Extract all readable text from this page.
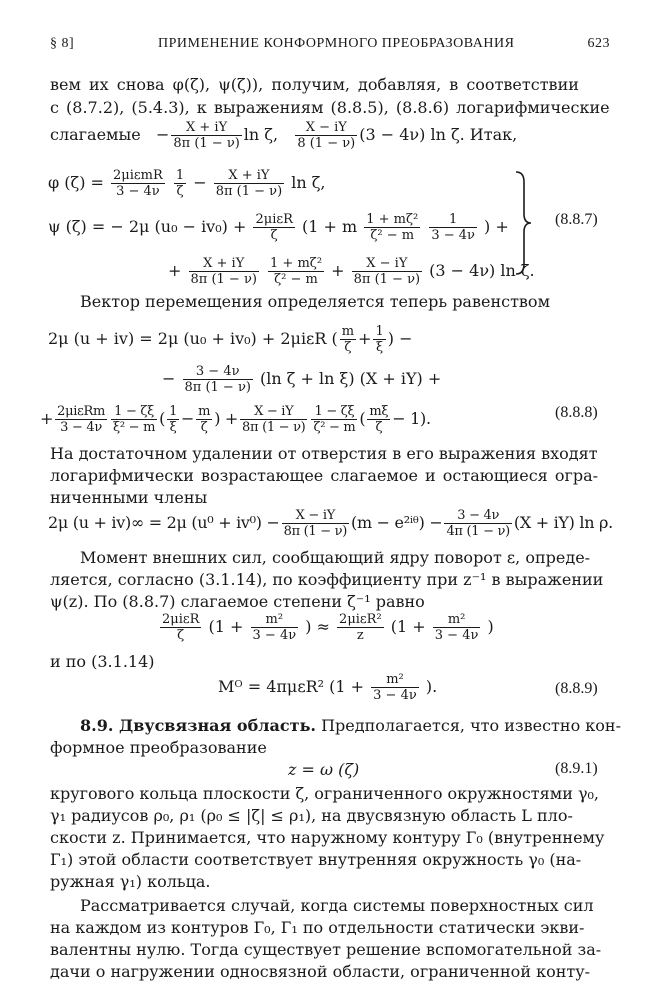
§ 8]	ПРИМЕНЕНИЕ КОНФОРМНОГО ПРЕОБРАЗОВАНИЯ	623
вем их снова φ(ζ), ψ(ζ)), получим, добавляя, в соответствии
с (8.7.2), (5.4.3), к выражениям (8.8.5), (8.8.6) логарифмические
слагаемые   − $\frac{X + iY}{8\pi (1 - \nu)}$ ln ζ, $\frac{X - iY}{8 (1 - \nu)} (3 - 4\nu)$ ln ζ. Итак,
φ $(\zeta) = \frac{\text{2μiεmR}}{3 - 4\nu}$
$\frac{1}{\zeta} - \frac{X + iY}{8\pi (1 - \nu)}$ ln ζ,
ψ (ζ) = − 2μ $(u_0 - iv_0) + \frac{\text{2μiεR}}{\zeta} (1 + m \frac{\text{1 + mζ²}}{\text{ζ² − m}}$
$\frac{1}{3 - 4\nu}$ ) +
+ $\frac{X + iY}{8\pi (1 - \nu)}$
$\frac{\text{1 + mζ²}}{\text{ζ² − m}} + \frac{X - iY}{8\pi (1 - \nu)} (3 - 4\nu)$ ln ζ.
(8.8.7)
Вектор перемещения определяется теперь равенством
2μ (u + iv) = 2μ (u₀ + iv₀) + 2μiεR ( $\frac{m}{\zeta} + \frac{1}{\xi}$ ) −
− $\frac{3 - 4\nu}{8\pi (1 - \nu)} (\ln$ ζ + ln ξ) (X + iY) +
+ $\frac{\text{2μiεRm}}{3 - 4\nu} \frac{1 - \zeta\xi}{\text{ξ² − m}}$ ( $\frac{1}{\xi} - \frac{m}{\zeta}$ ) + $\frac{X - iY}{8\pi (1 - \nu)} \frac{1 - \zeta\xi}{\text{ζ² − m}}$ ( $\frac{m\xi}{\zeta} - 1$).	(8.8.8)
На достаточном удалении от отверстия в его выражения входят
логарифмически возрастающее слагаемое и остающиеся огра-
ниченными члены
2μ (u + iv)∞ = 2μ $(u^0 + iv^0) - \frac{X - iY}{8\pi (1 - \nu)} (m$ − e²ⁱᶿ) − $\frac{3 - 4\nu}{4\pi (1 - \nu)} (X + iY)$ ln ρ.
Момент внешних сил, сообщающий ядру поворот ε, опреде-
ляется, согласно (3.1.14), по коэффициенту при z⁻¹ в выражении
ψ(z). По (8.8.7) слагаемое степени ζ⁻¹ равно
$\frac{\text{2μiεR}}{\zeta} (1 + \frac{\text{m²}}{3 - 4\nu}$ ) ≈ $\frac{\text{2μiεR²}}{z} (1 + \frac{\text{m²}}{3 - 4\nu}$ )
и по (3.1.14)
Mᴼ = 4πμεR² ($1 + \frac{\text{m²}}{3 - 4\nu}$ ).	(8.8.9)
8.9. Двусвязная область. Предполагается, что известно кон-
формное преобразование
z = ω (ζ)	(8.9.1)
кругового кольца плоскости ζ, ограниченного окружностями γ₀,
γ₁ радиусов ρ₀, ρ₁ (ρ₀ ≤ |ζ| ≤ ρ₁), на двусвязную область L пло-
скости z. Принимается, что наружному контуру Г₀ (внутреннему
Г₁) этой области соответствует внутренняя окружность γ₀ (на-
ружная γ₁) кольца.
Рассматривается случай, когда системы поверхностных сил
на каждом из контуров Г₀, Г₁ по отдельности статически экви-
валентны нулю. Тогда существует решение вспомогательной за-
дачи о нагружении односвязной области, ограниченной конту-
